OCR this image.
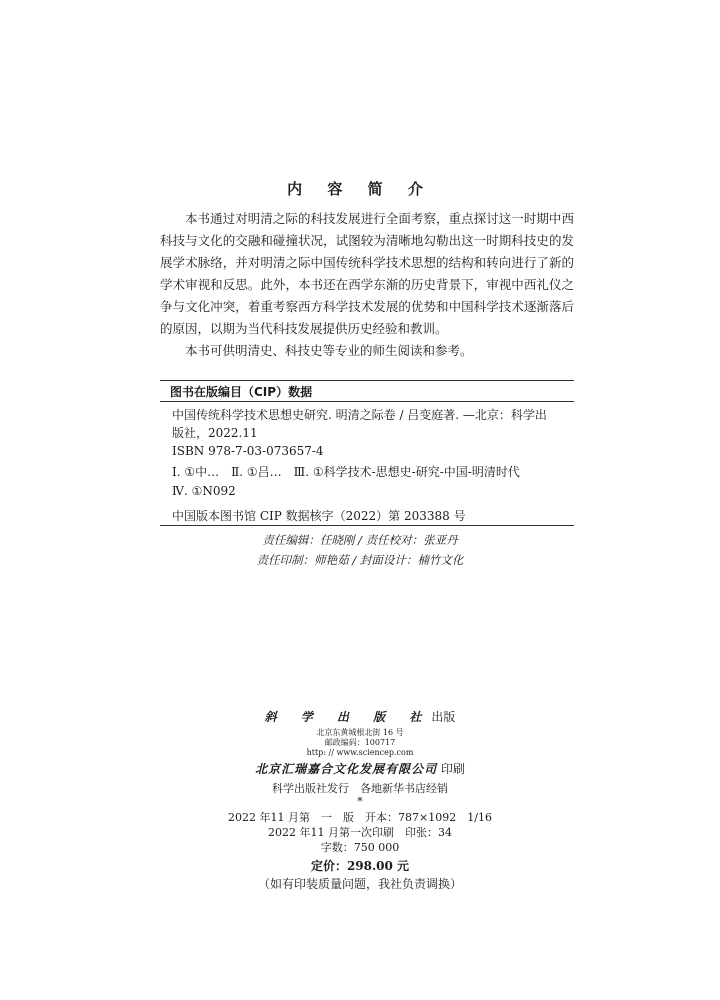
内 容 简 介

本书通过对明清之际的科技发展进行全面考察，重点探讨这一时期中西科技与文化的交融和碰撞状况，试图较为清晰地勾勒出这一时期科技史的发展学术脉络，并对明清之际中国传统科学技术思想的结构和转向进行了新的学术审视和反思。此外，本书还在西学东渐的历史背景下，审视中西礼仪之争与文化冲突，着重考察西方科学技术发展的优势和中国科学技术逐渐落后的原因，以期为当代科技发展提供历史经验和教训。

本书可供明清史、科技史等专业的师生阅读和参考。

图书在版编目（CIP）数据
中国传统科学技术思想史研究. 明清之际卷 / 吕变庭著. —北京：科学出
版社，2022.11
ISBN 978-7-03-073657-4
Ⅰ. ①中…　Ⅱ. ①吕…　Ⅲ. ①科学技术-思想史-研究-中国-明清时代
Ⅳ. ①N092
中国版本图书馆 CIP 数据核字（2022）第 203388 号
责任编辑：任晓刚 / 责任校对：张亚丹
责任印制：师艳茹 / 封面设计：楠竹文化
斜 学 出 版 社出版
北京东黄城根北街 16 号
邮政编码：100717
http: // www.sciencep.com
北京汇瑞嘉合文化发展有限公司 印刷
科学出版社发行　各地新华书店经销
*
2022 年11 月第　一　版　开本：787×1092　1/16
2022 年11 月第一次印刷　印张：34
字数：750 000
定价：298.00 元
（如有印装质量问题，我社负责调换）
